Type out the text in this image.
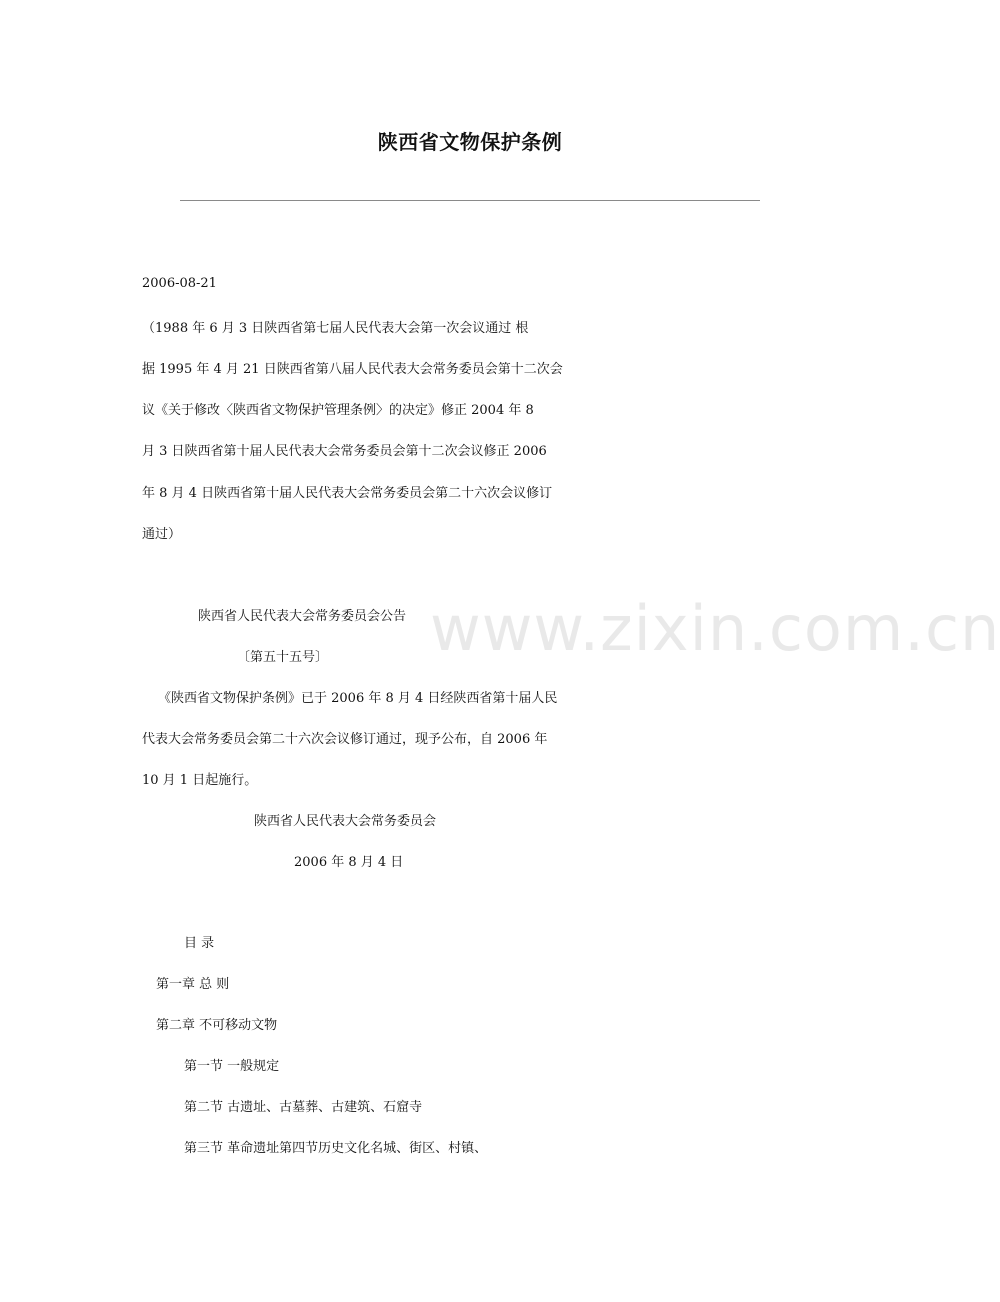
www.zixin.com.cn
陕西省文物保护条例
2006-08-21
（1988 年 6 月 3 日陕西省第七届人民代表大会第一次会议通过 根
据 1995 年 4 月 21 日陕西省第八届人民代表大会常务委员会第十二次会
议《关于修改〈陕西省文物保护管理条例〉的决定》修正 2004 年 8
月 3 日陕西省第十届人民代表大会常务委员会第十二次会议修正 2006
年 8 月 4 日陕西省第十届人民代表大会常务委员会第二十六次会议修订
通过）
陕西省人民代表大会常务委员会公告
〔第五十五号〕
《陕西省文物保护条例》已于 2006 年 8 月 4 日经陕西省第十届人民
代表大会常务委员会第二十六次会议修订通过，现予公布，自 2006 年
10 月 1 日起施行。
陕西省人民代表大会常务委员会
2006 年 8 月 4 日
目 录
第一章 总 则
第二章 不可移动文物
第一节 一般规定
第二节 古遗址、古墓葬、古建筑、石窟寺
第三节 革命遗址第四节历史文化名城、街区、村镇、
